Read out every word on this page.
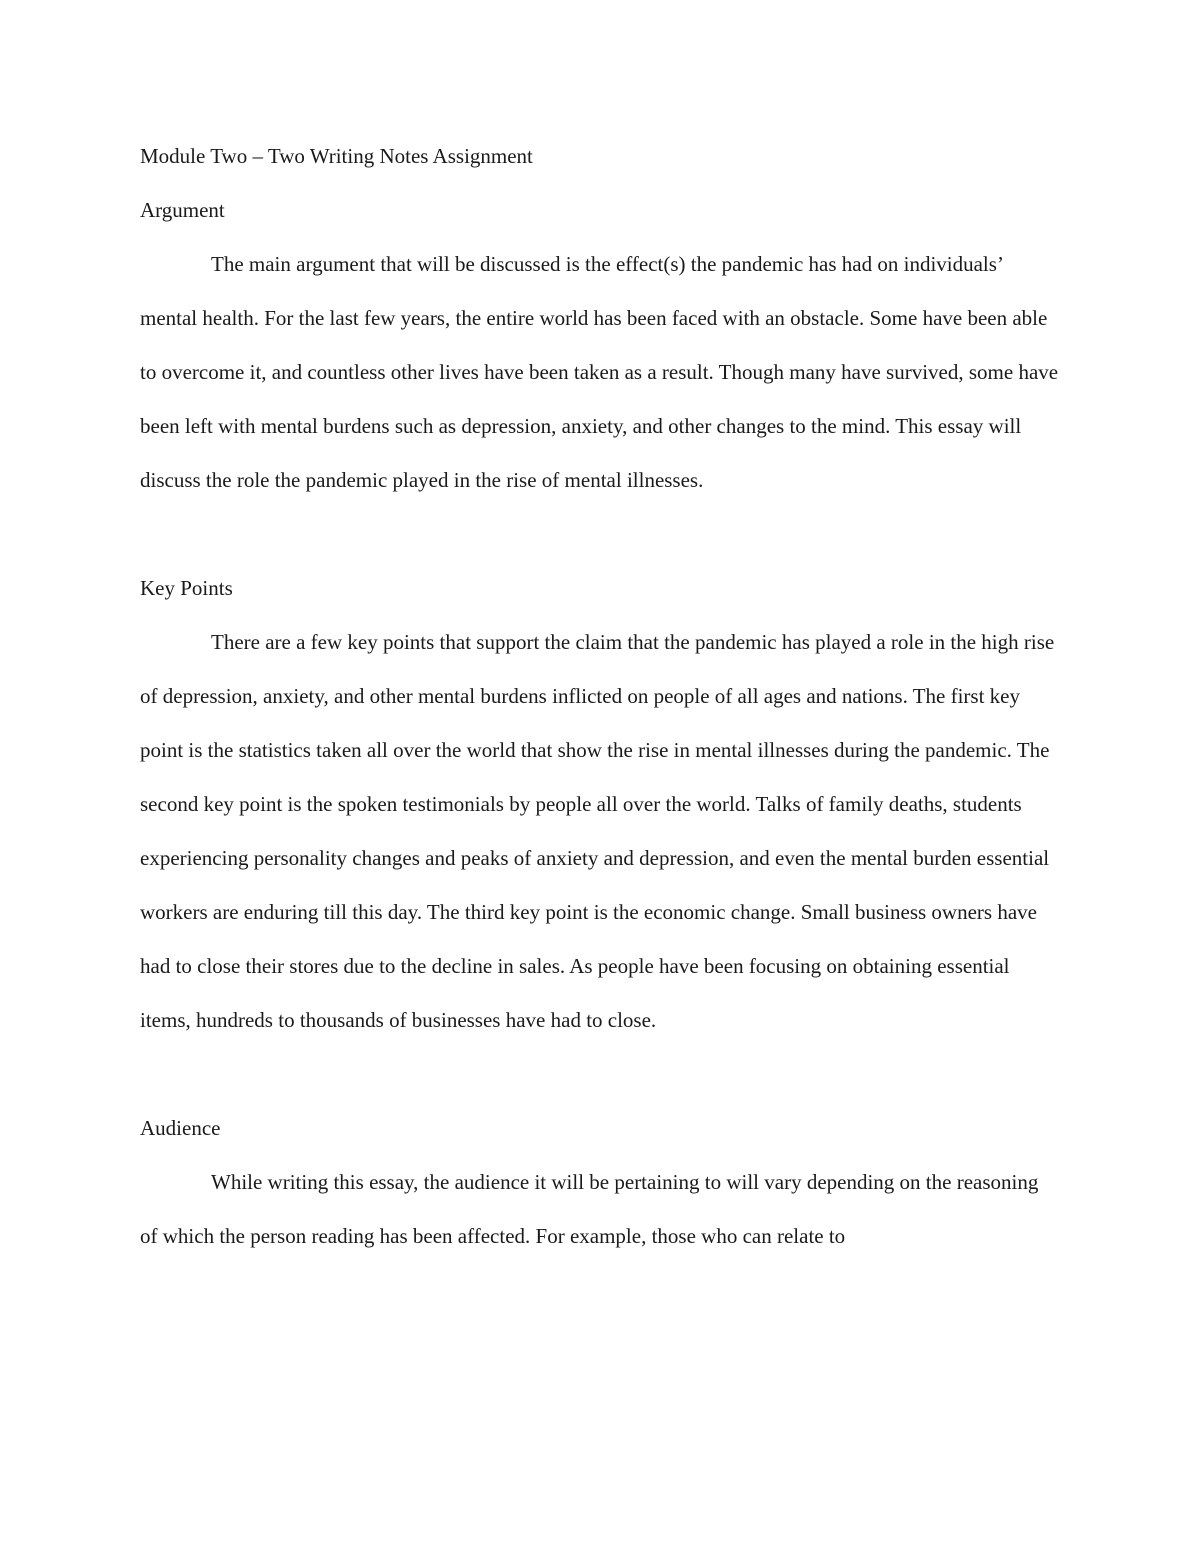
Module Two – Two Writing Notes Assignment
Argument

The main argument that will be discussed is the effect(s) the pandemic has had on individuals’ mental health. For the last few years, the entire world has been faced with an obstacle. Some have been able to overcome it, and countless other lives have been taken as a result. Though many have survived, some have been left with mental burdens such as depression, anxiety, and other changes to the mind. This essay will discuss the role the pandemic played in the rise of mental illnesses.

Key Points

There are a few key points that support the claim that the pandemic has played a role in the high rise of depression, anxiety, and other mental burdens inflicted on people of all ages and nations. The first key point is the statistics taken all over the world that show the rise in mental illnesses during the pandemic. The second key point is the spoken testimonials by people all over the world. Talks of family deaths, students experiencing personality changes and peaks of anxiety and depression, and even the mental burden essential workers are enduring till this day. The third key point is the economic change. Small business owners have had to close their stores due to the decline in sales. As people have been focusing on obtaining essential items, hundreds to thousands of businesses have had to close.

Audience

While writing this essay, the audience it will be pertaining to will vary depending on the reasoning of which the person reading has been affected. For example, those who can relate to
